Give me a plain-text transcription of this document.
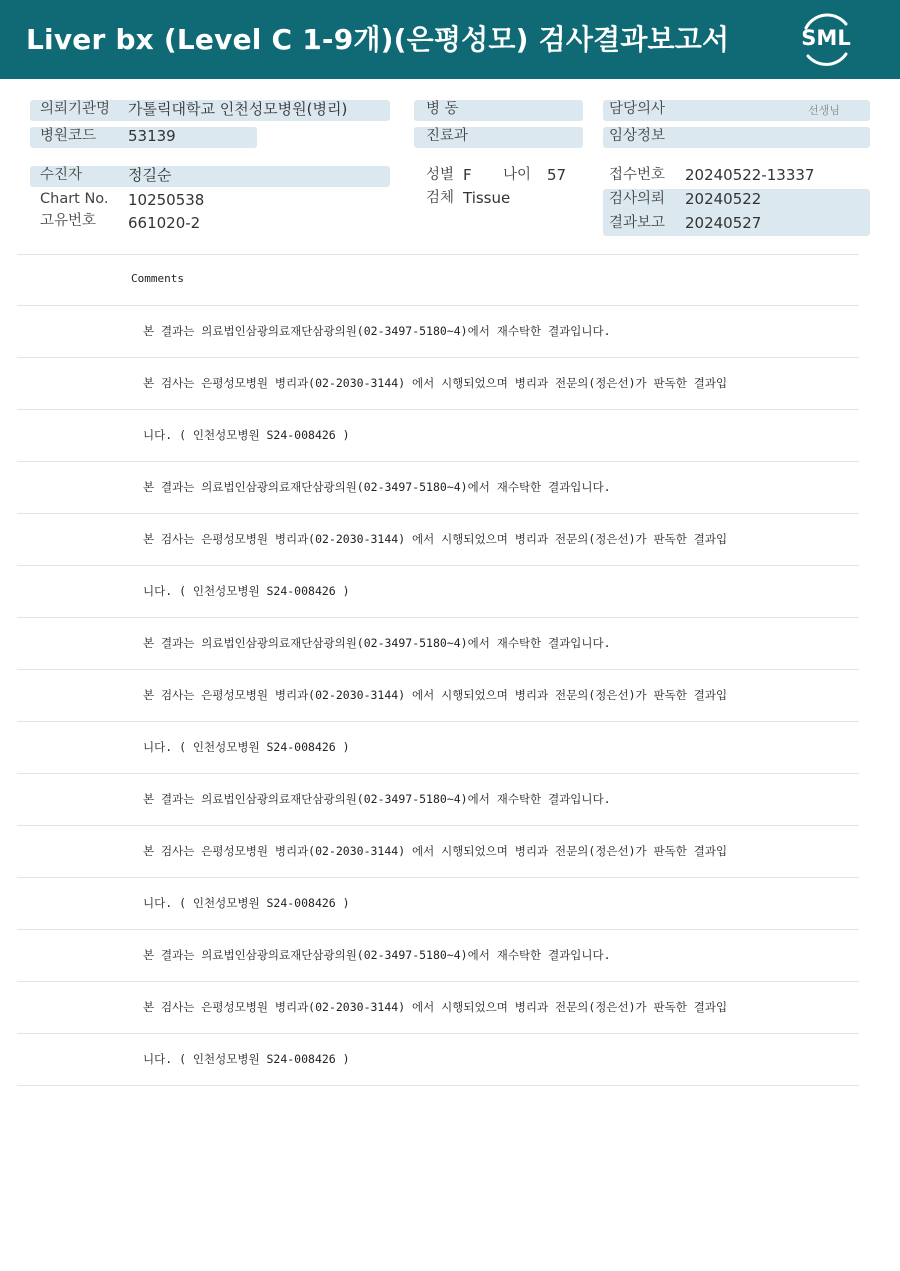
Liver bx (Level C 1-9개)(은평성모) 검사결과보고서	SML
의뢰기관명 가톨릭대학교 인천성모병원(병리)	병 동	담당의사	선생님
병원코드 53139	진료과	임상정보
수진자	정길순
Chart No. 10250538
고유번호 661020-2
성별 F 나이 57
검체 Tissue
접수번호 20240522-13337
검사의뢰 20240522
결과보고 20240527
Comments
본 결과는 의료법인삼광의료재단삼광의원(02-3497-5180~4)에서 재수탁한 결과입니다.
본 검사는 은평성모병원 병리과(02-2030-3144) 에서 시행되었으며 병리과 전문의(정은선)가 판독한 결과입
니다. ( 인천성모병원 S24-008426 )
본 결과는 의료법인삼광의료재단삼광의원(02-3497-5180~4)에서 재수탁한 결과입니다.
본 검사는 은평성모병원 병리과(02-2030-3144) 에서 시행되었으며 병리과 전문의(정은선)가 판독한 결과입
니다. ( 인천성모병원 S24-008426 )
본 결과는 의료법인삼광의료재단삼광의원(02-3497-5180~4)에서 재수탁한 결과입니다.
본 검사는 은평성모병원 병리과(02-2030-3144) 에서 시행되었으며 병리과 전문의(정은선)가 판독한 결과입
니다. ( 인천성모병원 S24-008426 )
본 결과는 의료법인삼광의료재단삼광의원(02-3497-5180~4)에서 재수탁한 결과입니다.
본 검사는 은평성모병원 병리과(02-2030-3144) 에서 시행되었으며 병리과 전문의(정은선)가 판독한 결과입
니다. ( 인천성모병원 S24-008426 )
본 결과는 의료법인삼광의료재단삼광의원(02-3497-5180~4)에서 재수탁한 결과입니다.
본 검사는 은평성모병원 병리과(02-2030-3144) 에서 시행되었으며 병리과 전문의(정은선)가 판독한 결과입
니다. ( 인천성모병원 S24-008426 )
